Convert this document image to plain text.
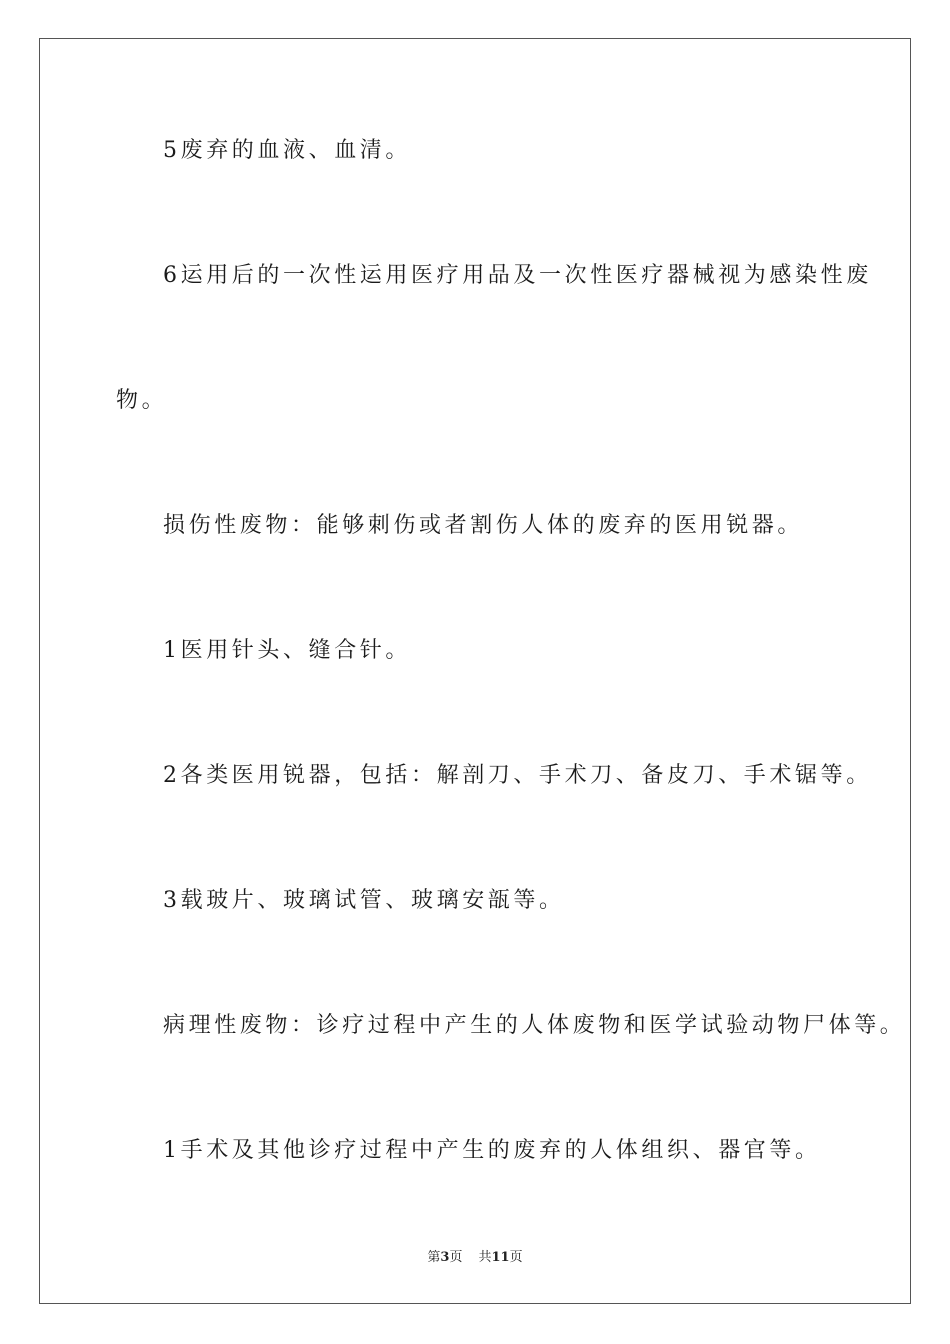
5废弃的血液、血清。
6运用后的一次性运用医疗用品及一次性医疗器械视为感染性废
物。
损伤性废物：能够刺伤或者割伤人体的废弃的医用锐器。
1医用针头、缝合针。
2各类医用锐器，包括：解剖刀、手术刀、备皮刀、手术锯等。
3载玻片、玻璃试管、玻璃安瓿等。
病理性废物：诊疗过程中产生的人体废物和医学试验动物尸体等。
1手术及其他诊疗过程中产生的废弃的人体组织、器官等。
第3页 共11页
